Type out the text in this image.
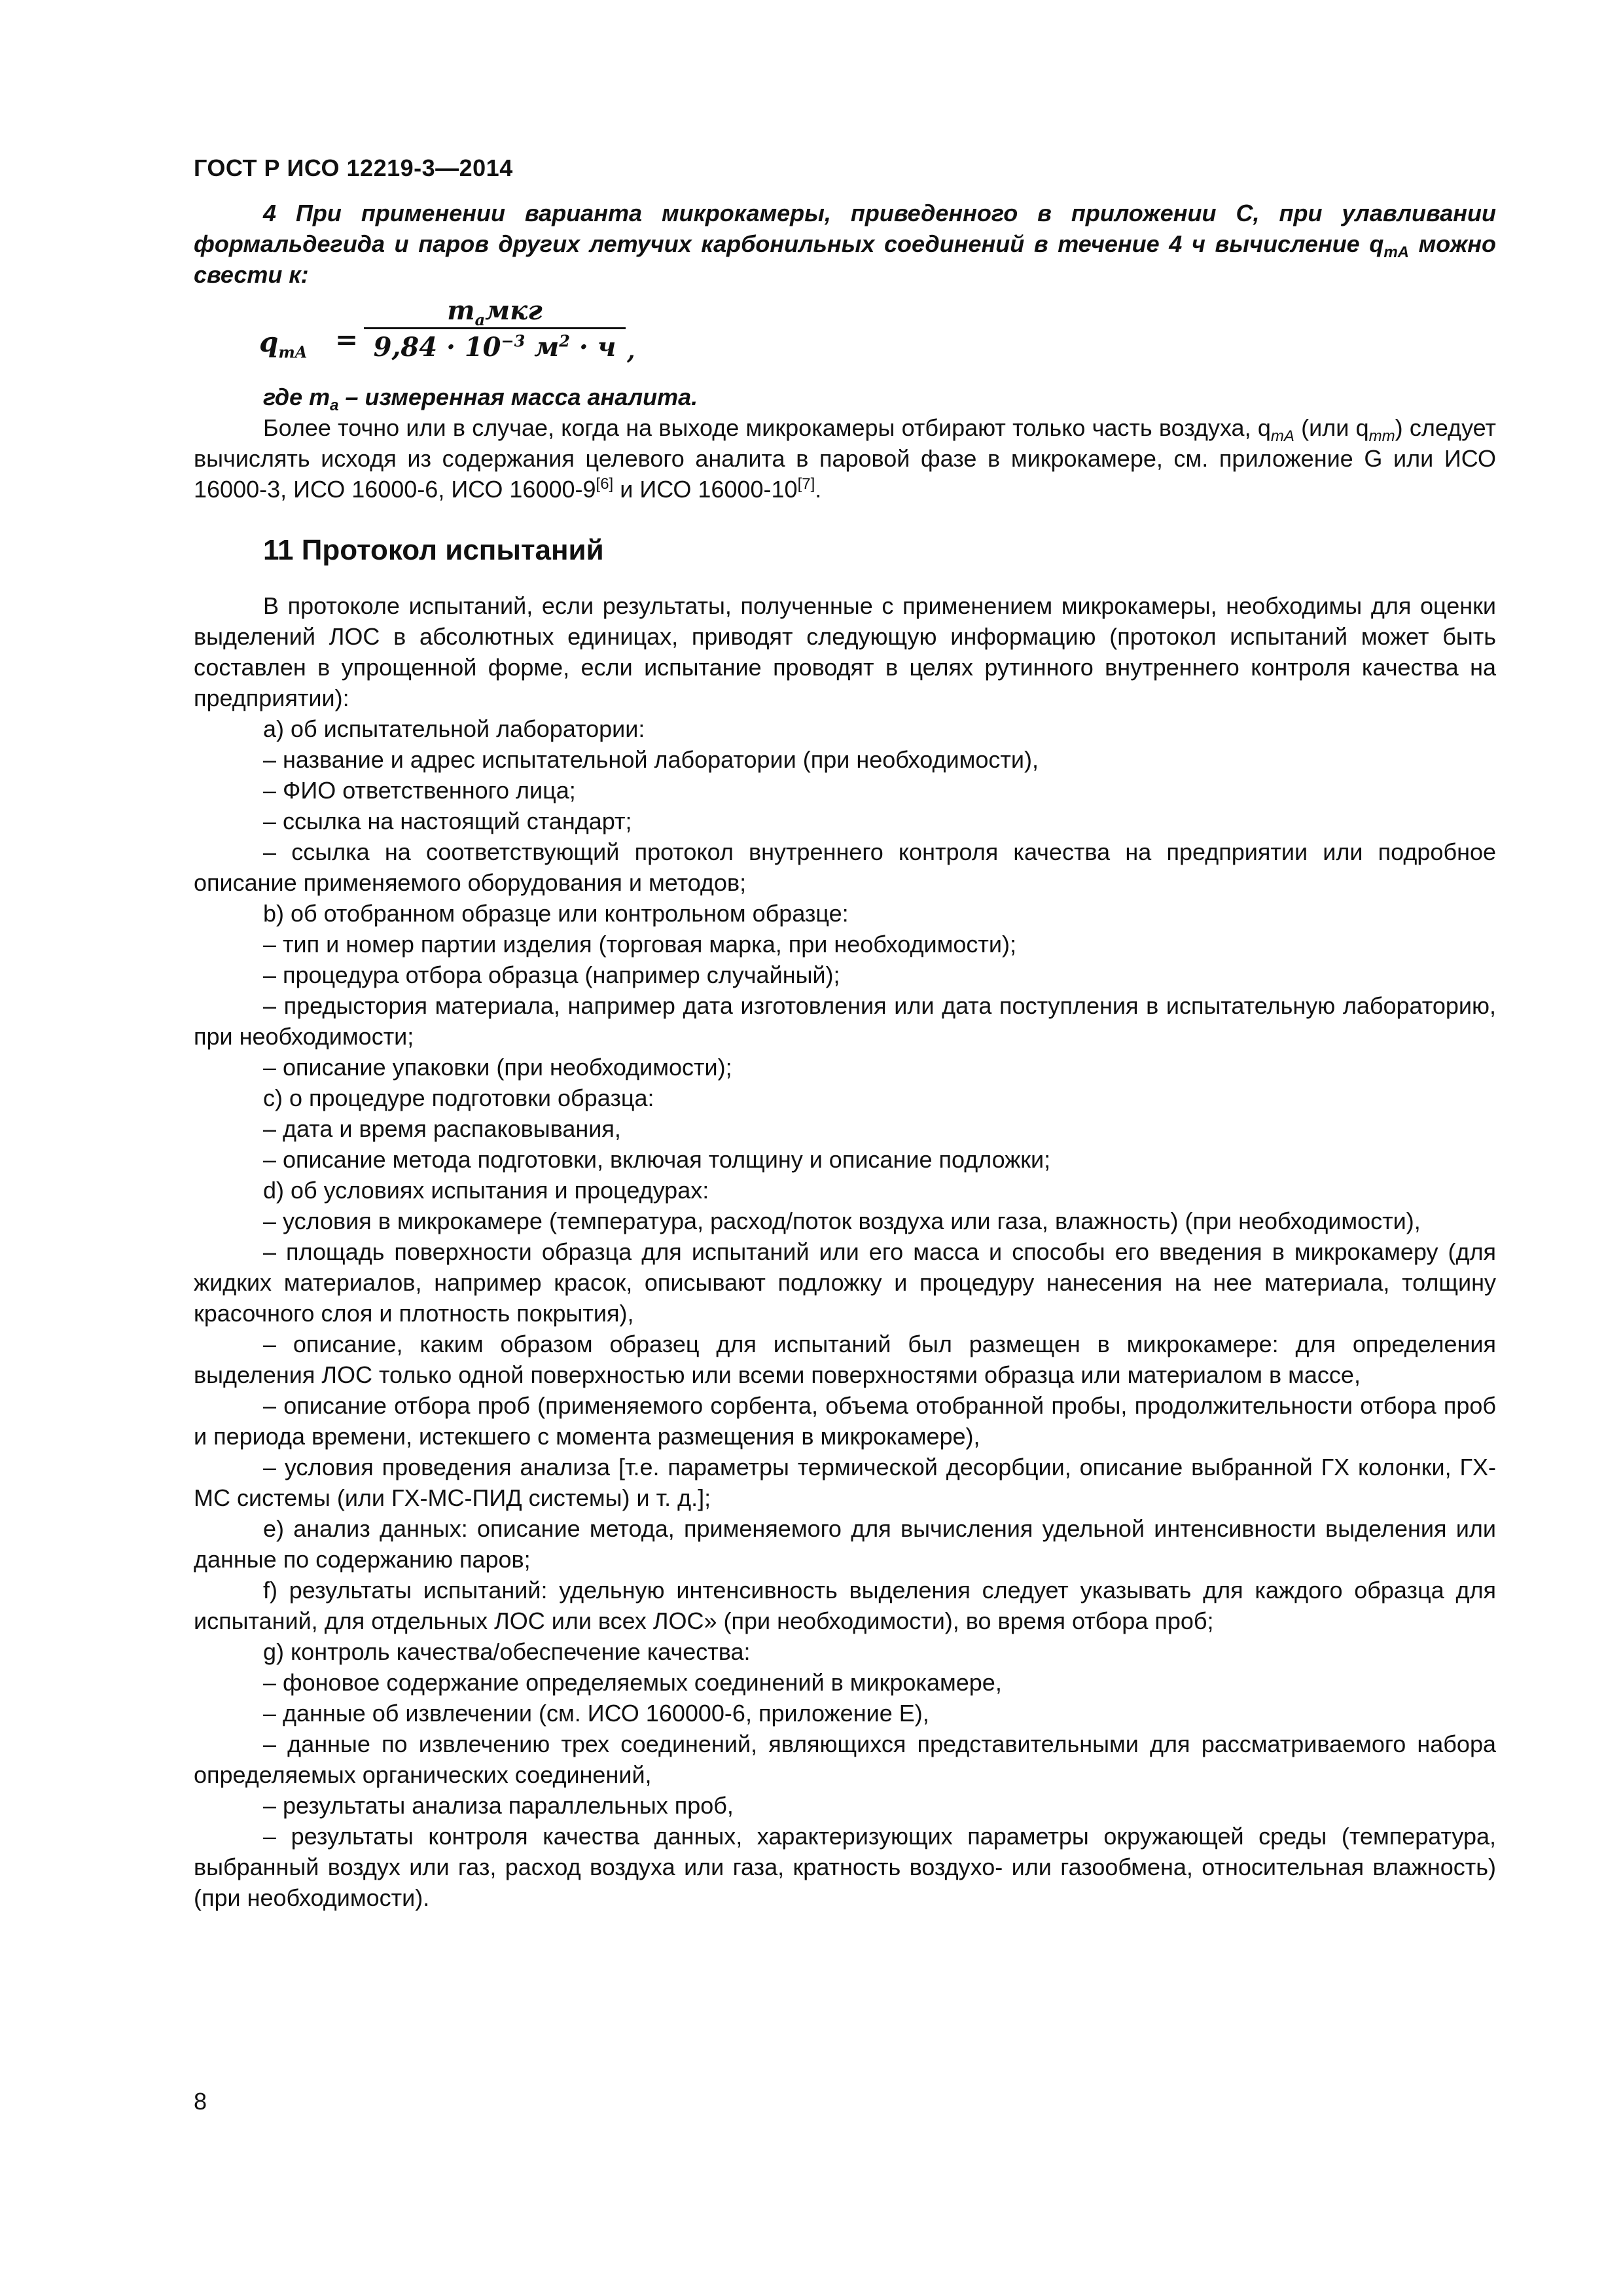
ГОСТ Р ИСО 12219-3—2014

4 При применении варианта микрокамеры, приведенного в приложении С, при улавливании формальдегида и паров других летучих карбонильных соединений в течение 4 ч вычисление $q_{mA}$ можно свести к:

$q_{mA}$ =
$m_aмкг$
$9,84 \cdot 10^{-3}$ $м^2 \cdot ч$ ,

где $m_a$ – измеренная масса аналита.

Более точно или в случае, когда на выходе микрокамеры отбирают только часть воздуха, $q_{mA}$ (или $q_{mm}$) следует вычислять исходя из содержания целевого аналита в паровой фазе в микрокамере, см. приложение G или ИСО 16000-3, ИСО 16000-6, ИСО 16000-9[6] и ИСО 16000-10[7].

11 Протокол испытаний

В протоколе испытаний, если результаты, полученные с применением микрокамеры, необходимы для оценки выделений ЛОС в абсолютных единицах, приводят следующую информацию (протокол испытаний может быть составлен в упрощенной форме, если испытание проводят в целях рутинного внутреннего контроля качества на предприятии):

а) об испытательной лаборатории:

– название и адрес испытательной лаборатории (при необходимости),

– ФИО ответственного лица;

– ссылка на настоящий стандарт;

– ссылка на соответствующий протокол внутреннего контроля качества на предприятии или подробное описание применяемого оборудования и методов;

b) об отобранном образце или контрольном образце:

– тип и номер партии изделия (торговая марка, при необходимости);

– процедура отбора образца (например случайный);

– предыстория материала, например дата изготовления или дата поступления в испытательную лабораторию, при необходимости;

– описание упаковки (при необходимости);

с) о процедуре подготовки образца:

– дата и время распаковывания,

– описание метода подготовки, включая толщину и описание подложки;

d) об условиях испытания и процедурах:

– условия в микрокамере (температура, расход/поток воздуха или газа, влажность) (при необходимости),

– площадь поверхности образца для испытаний или его масса и способы его введения в микрокамеру (для жидких материалов, например красок, описывают подложку и процедуру нанесения на нее материала, толщину красочного слоя и плотность покрытия),

– описание, каким образом образец для испытаний был размещен в микрокамере: для определения выделения ЛОС только одной поверхностью или всеми поверхностями образца или материалом в массе,

– описание отбора проб (применяемого сорбента, объема отобранной пробы, продолжительности отбора проб и периода времени, истекшего с момента размещения в микрокамере),

– условия проведения анализа [т.е. параметры термической десорбции, описание выбранной ГХ колонки, ГХ-МС системы (или ГХ-МС-ПИД системы) и т. д.];

е) анализ данных: описание метода, применяемого для вычисления удельной интенсивности выделения или данные по содержанию паров;

f) результаты испытаний: удельную интенсивность выделения следует указывать для каждого образца для испытаний, для отдельных ЛОС или всех ЛОС» (при необходимости), во время отбора проб;

g) контроль качества/обеспечение качества:

– фоновое содержание определяемых соединений в микрокамере,

– данные об извлечении (см. ИСО 160000-6, приложение Е),

– данные по извлечению трех соединений, являющихся представительными для рассматриваемого набора определяемых органических соединений,

– результаты анализа параллельных проб,

– результаты контроля качества данных, характеризующих параметры окружающей среды (температура, выбранный воздух или газ, расход воздуха или газа, кратность воздухо- или газообмена, относительная влажность) (при необходимости).

8
